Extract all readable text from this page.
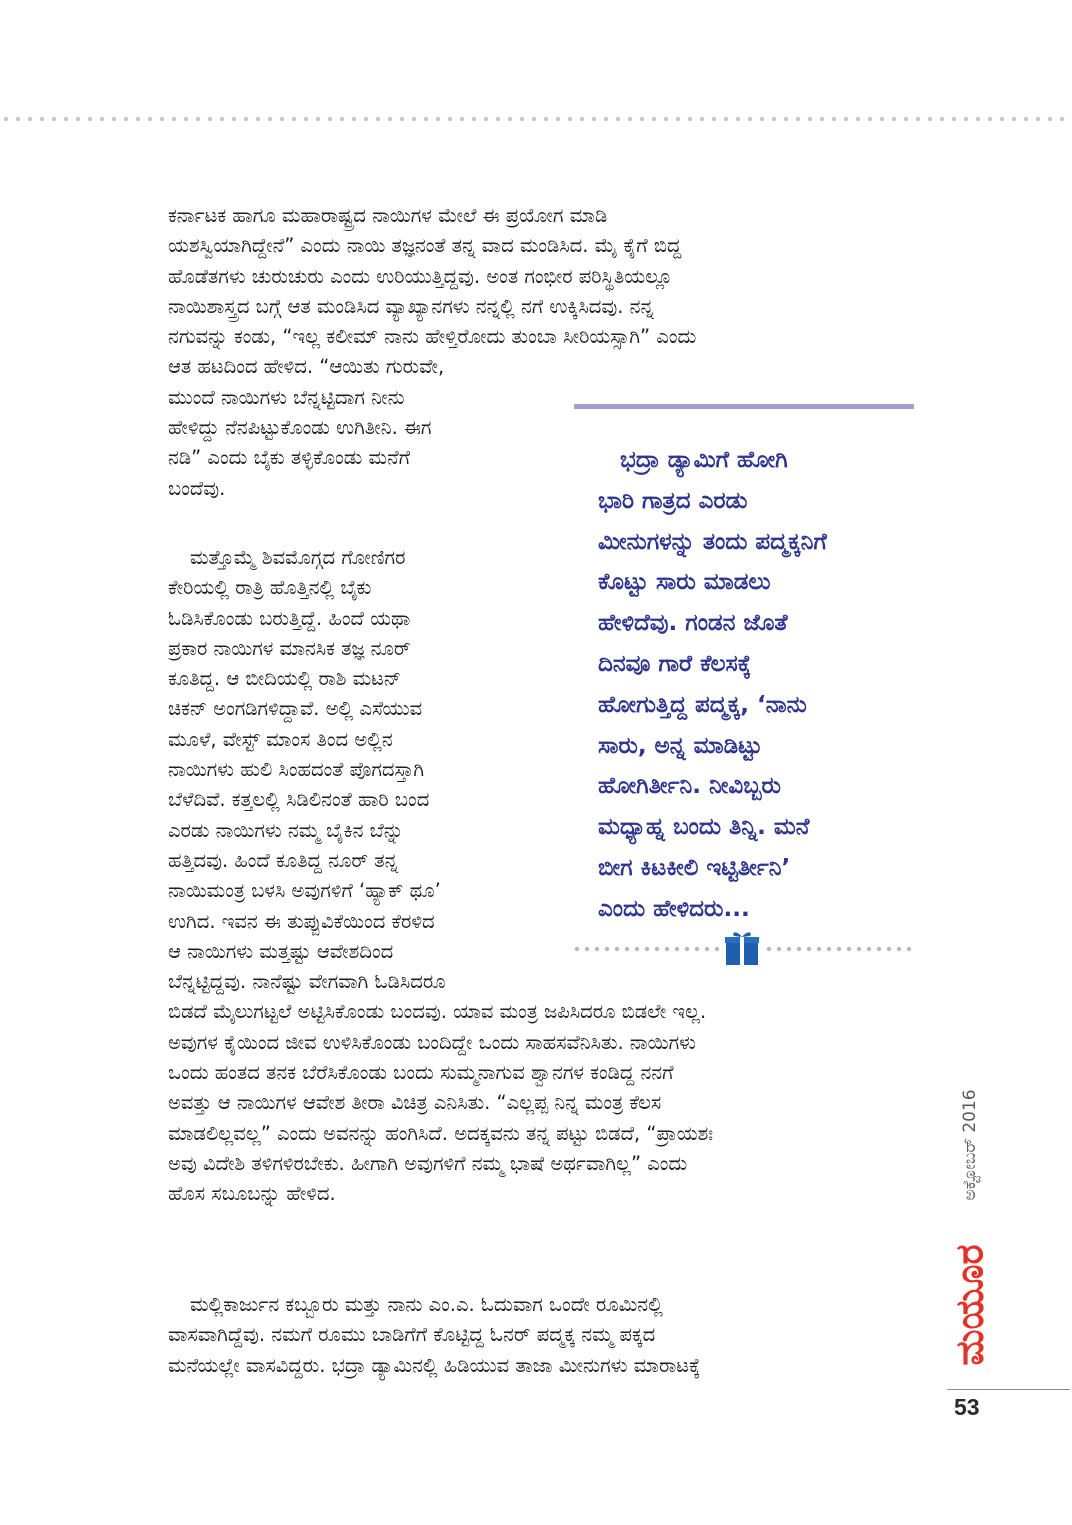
ಕರ್ನಾಟಕ ಹಾಗೂ ಮಹಾರಾಷ್ಟ್ರದ ನಾಯಿಗಳ ಮೇಲೆ ಈ ಪ್ರಯೋಗ ಮಾಡಿ
ಯಶಸ್ವಿಯಾಗಿದ್ದೇನೆ” ಎಂದು ನಾಯಿ ತಜ್ಞನಂತೆ ತನ್ನ ವಾದ ಮಂಡಿಸಿದ. ಮೈ ಕೈಗೆ ಬಿದ್ದ
ಹೊಡೆತಗಳು ಚುರುಚುರು ಎಂದು ಉರಿಯುತ್ತಿದ್ದವು. ಅಂತ ಗಂಭೀರ ಪರಿಸ್ಥಿತಿಯಲ್ಲೂ
ನಾಯಿಶಾಸ್ತ್ರದ ಬಗ್ಗೆ ಆತ ಮಂಡಿಸಿದ ವ್ಯಾಖ್ಯಾನಗಳು ನನ್ನಲ್ಲಿ ನಗೆ ಉಕ್ಕಿಸಿದವು. ನನ್ನ
ನಗುವನ್ನು ಕಂಡು, “ಇಲ್ಲ ಕಲೀಮ್ ನಾನು ಹೇಳ್ತಿರೋದು ತುಂಬಾ ಸೀರಿಯಸ್ಸಾಗಿ” ಎಂದು
ಆತ ಹಟದಿಂದ ಹೇಳಿದ. “ಆಯಿತು ಗುರುವೇ,
ಮುಂದೆ ನಾಯಿಗಳು ಬೆನ್ನಟ್ಟಿದಾಗ ನೀನು
ಹೇಳಿದ್ದು ನೆನಪಿಟ್ಟುಕೊಂಡು ಉಗಿತೀನಿ. ಈಗ
ನಡಿ” ಎಂದು ಬೈಕು ತಳ್ಳಿಕೊಂಡು ಮನೆಗೆ
ಬಂದೆವು.

ಮತ್ತೊಮ್ಮೆ ಶಿವಮೊಗ್ಗದ ಗೋಣಿಗರ
ಕೇರಿಯಲ್ಲಿ ರಾತ್ರಿ ಹೊತ್ತಿನಲ್ಲಿ ಬೈಕು
ಓಡಿಸಿಕೊಂಡು ಬರುತ್ತಿದ್ದೆ. ಹಿಂದೆ ಯಥಾ
ಪ್ರಕಾರ ನಾಯಿಗಳ ಮಾನಸಿಕ ತಜ್ಞ ನೂರ್
ಕೂತಿದ್ದ. ಆ ಬೀದಿಯಲ್ಲಿ ರಾಶಿ ಮಟನ್
ಚಿಕನ್ ಅಂಗಡಿಗಳಿದ್ದಾವೆ. ಅಲ್ಲಿ ಎಸೆಯುವ
ಮೂಳೆ, ವೇಸ್ಟ್ ಮಾಂಸ ತಿಂದ ಅಲ್ಲಿನ
ನಾಯಿಗಳು ಹುಲಿ ಸಿಂಹದಂತೆ ಪೊಗದಸ್ತಾಗಿ
ಬೆಳೆದಿವೆ. ಕತ್ತಲಲ್ಲಿ ಸಿಡಿಲಿನಂತೆ ಹಾರಿ ಬಂದ
ಎರಡು ನಾಯಿಗಳು ನಮ್ಮ ಬೈಕಿನ ಬೆನ್ನು
ಹತ್ತಿದವು. ಹಿಂದೆ ಕೂತಿದ್ದ ನೂರ್ ತನ್ನ
ನಾಯಿಮಂತ್ರ ಬಳಸಿ ಅವುಗಳಿಗೆ ‘ಹ್ಯಾಕ್ ಥೂ’
ಉಗಿದ. ಇವನ ಈ ತುಪ್ಪುವಿಕೆಯಿಂದ ಕೆರಳಿದ
ಆ ನಾಯಿಗಳು ಮತ್ತಷ್ಟು ಆವೇಶದಿಂದ
ಬೆನ್ನಟ್ಟಿದ್ದವು. ನಾನೆಷ್ಟು ವೇಗವಾಗಿ ಓಡಿಸಿದರೂ
ಬಿಡದೆ ಮೈಲುಗಟ್ಟಲೆ ಅಟ್ಟಿಸಿಕೊಂಡು ಬಂದವು. ಯಾವ ಮಂತ್ರ ಜಪಿಸಿದರೂ ಬಿಡಲೇ ಇಲ್ಲ.
ಅವುಗಳ ಕೈಯಿಂದ ಜೀವ ಉಳಿಸಿಕೊಂಡು ಬಂದಿದ್ದೇ ಒಂದು ಸಾಹಸವೆನಿಸಿತು. ನಾಯಿಗಳು
ಒಂದು ಹಂತದ ತನಕ ಬೆರೆಸಿಕೊಂಡು ಬಂದು ಸುಮ್ಮನಾಗುವ ಶ್ವಾನಗಳ ಕಂಡಿದ್ದ ನನಗೆ
ಅವತ್ತು ಆ ನಾಯಿಗಳ ಆವೇಶ ತೀರಾ ವಿಚಿತ್ರ ಎನಿಸಿತು. “ಎಲ್ಲಪ್ಪ ನಿನ್ನ ಮಂತ್ರ ಕೆಲಸ
ಮಾಡಲಿಲ್ಲವಲ್ಲ” ಎಂದು ಅವನನ್ನು ಹಂಗಿಸಿದೆ. ಅದಕ್ಕವನು ತನ್ನ ಪಟ್ಟು ಬಿಡದೆ, “ಪ್ರಾಯಶಃ
ಅವು ವಿದೇಶಿ ತಳಿಗಳಿರಬೇಕು. ಹೀಗಾಗಿ ಅವುಗಳಿಗೆ ನಮ್ಮ ಭಾಷೆ ಅರ್ಥವಾಗಿಲ್ಲ” ಎಂದು
ಹೊಸ ಸಬೂಬನ್ನು ಹೇಳಿದ.

ಮಲ್ಲಿಕಾರ್ಜುನ ಕಬ್ಬೂರು ಮತ್ತು ನಾನು ಎಂ.ಎ. ಓದುವಾಗ ಒಂದೇ ರೂಮಿನಲ್ಲಿ
ವಾಸವಾಗಿದ್ದೆವು. ನಮಗೆ ರೂಮು ಬಾಡಿಗೆಗೆ ಕೊಟ್ಟಿದ್ದ ಓನರ್ ಪದ್ಮಕ್ಕ ನಮ್ಮ ಪಕ್ಕದ
ಮನೆಯಲ್ಲೇ ವಾಸವಿದ್ದರು. ಭದ್ರಾ ಡ್ಯಾಮಿನಲ್ಲಿ ಹಿಡಿಯುವ ತಾಜಾ ಮೀನುಗಳು ಮಾರಾಟಕ್ಕೆ

ಭದ್ರಾ ಡ್ಯಾಮಿಗೆ ಹೋಗಿ
ಭಾರಿ ಗಾತ್ರದ ಎರಡು
ಮೀನುಗಳನ್ನು ತಂದು ಪದ್ಮಕ್ಕನಿಗೆ
ಕೊಟ್ಟು ಸಾರು ಮಾಡಲು
ಹೇಳಿದೆವು. ಗಂಡನ ಜೊತೆ
ದಿನವೂ ಗಾರೆ ಕೆಲಸಕ್ಕೆ
ಹೋಗುತ್ತಿದ್ದ ಪದ್ಮಕ್ಕ, ‘ನಾನು
ಸಾರು, ಅನ್ನ ಮಾಡಿಟ್ಟು
ಹೋಗಿರ್ತೀನಿ. ನೀವಿಬ್ಬರು
ಮಧ್ಯಾಹ್ನ ಬಂದು ತಿನ್ನಿ. ಮನೆ
ಬೀಗ ಕಿಟಕೀಲಿ ಇಟ್ಟಿರ್ತೀನಿ’
ಎಂದು ಹೇಳಿದರು...

ಅಕ್ಟೋಬರ್ 2016
ಮಯೂರ
53
